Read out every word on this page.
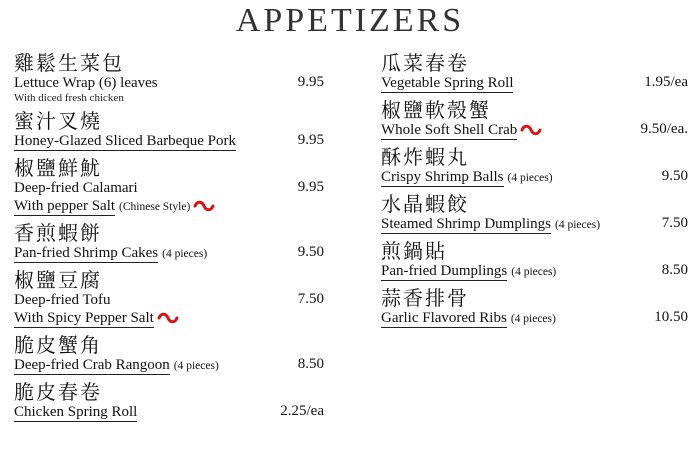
APPETIZERS
雞鬆生菜包
Lettuce Wrap (6) leaves	9.95
With diced fresh chicken
蜜汁叉燒
Honey-Glazed Sliced Barbeque Pork	9.95
椒鹽鮮魷
Deep-fried Calamari	9.95
With pepper Salt (Chinese Style)
香煎蝦餅
Pan-fried Shrimp Cakes (4 pieces)	9.50
椒鹽豆腐
Deep-fried Tofu	7.50
With Spicy Pepper Salt
脆皮蟹角
Deep-fried Crab Rangoon (4 pieces)	8.50
脆皮春卷
Chicken Spring Roll	2.25/ea
瓜菜春卷
Vegetable Spring Roll	1.95/ea
椒鹽軟殼蟹
Whole Soft Shell Crab	9.50/ea.
酥炸蝦丸
Crispy Shrimp Balls (4 pieces)	9.50
水晶蝦餃
Steamed Shrimp Dumplings (4 pieces)	7.50
煎鍋貼
Pan-fried Dumplings (4 pieces)	8.50
蒜香排骨
Garlic Flavored Ribs (4 pieces)	10.50
